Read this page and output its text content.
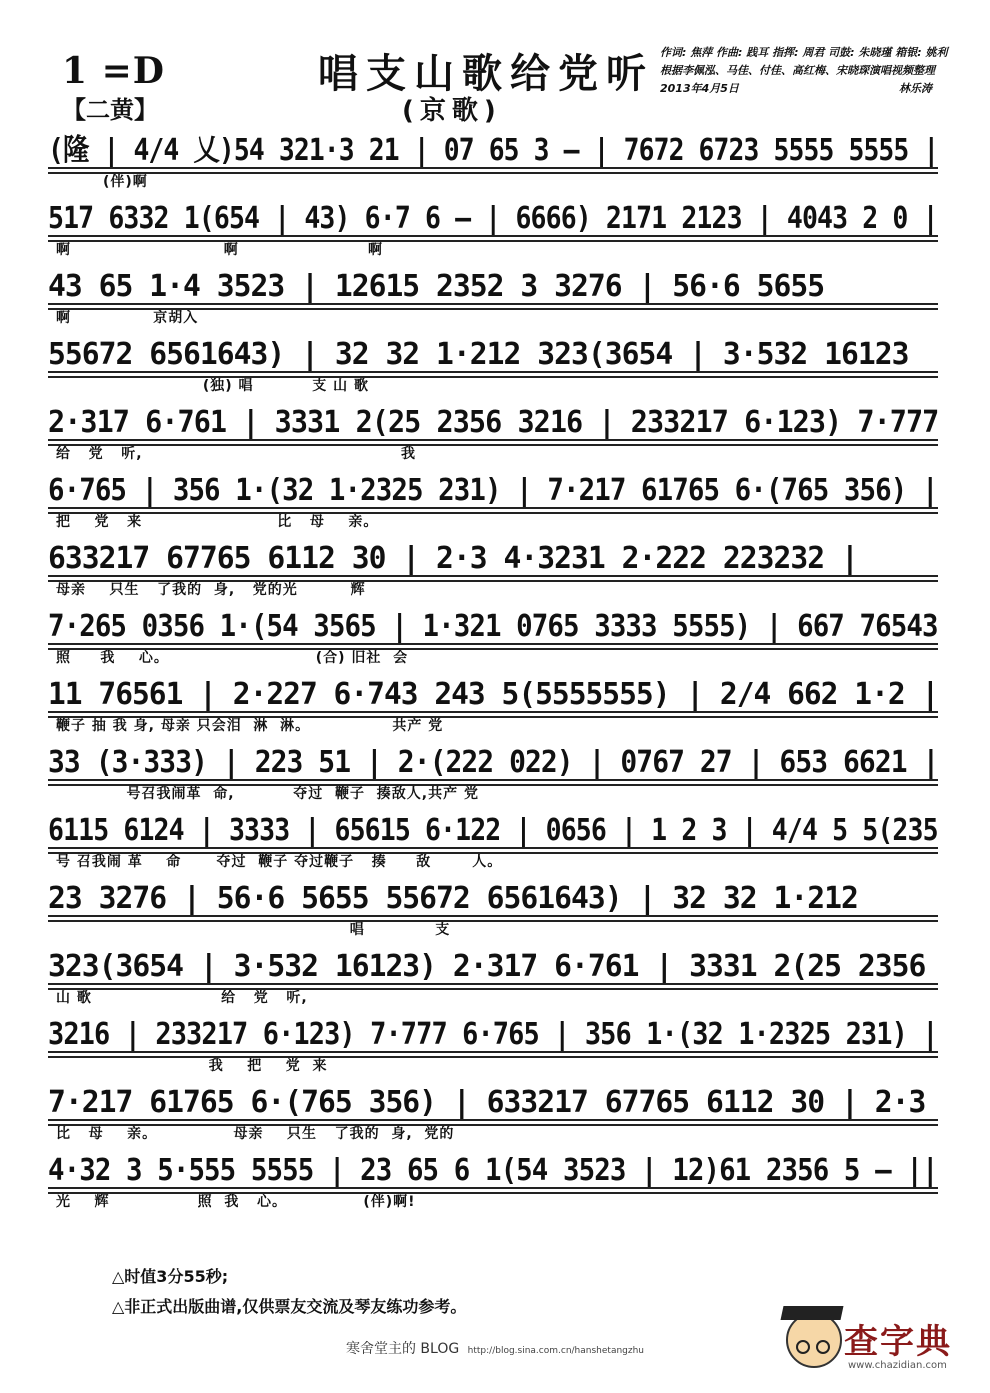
1 =D
【二黄】
唱支山歌给党听
(京歌)
作词: 焦萍 作曲: 践耳 指挥: 周君 司鼓: 朱晓瑾 箱银: 姚利
根据李佩泓、马佳、付佳、高红梅、宋晓琛演唱视频整理
2013年4月5日	林乐涛
(隆 | 4/4 乂)54 321·3 21 | 07 65 3 — | 7672 6723 5555 5555 |
(伴)啊
517 6332 1(654 | 43) 6·7 6 — | 6666) 2171 2123 | 4043 2 0 |
啊                          啊                      啊
43 65 1·4 3523 | 12615 2352 3 3276 | 56·6 5655
啊              京胡入
55672 6561643) | 32 32 1·212 323(3654 | 3·532 16123
(独) 唱          支 山 歌
2·317 6·761 | 3331 2(25 2356 3216 | 233217 6·123) 7·777
给   党   听,                                            我
6·765 | 356 1·(32 1·2325 231) | 7·217 61765 6·(765 356) |
把    党   来                       比   母    亲。
633217 67765 6112 30 | 2·3 4·3231 2·222 223232 |
母亲    只生   了我的  身,   党的光         辉
7·265 0356 1·(54 3565 | 1·321 0765 3333 5555) | 667 76543
照     我    心。                         (合) 旧社  会
11 76561 | 2·227 6·743 243 5(5555555) | 2/4 662 1·2 |
鞭子 抽 我 身, 母亲 只会泪  淋  淋。              共产 党
33 (3·333) | 223 51 | 2·(222 022) | 0767 27 | 653 6621 |
号召我闹革  命,          夺过  鞭子  揍敌人,共产 党
6115 6124 | 3333 | 65615 6·122 | 0656 | 1 2 3 | 4/4 5 5(235
号 召我闹 革    命      夺过  鞭子 夺过鞭子   揍     敌       人。
23 3276 | 56·6 5655 55672 6561643) | 32 32 1·212
唱            支
323(3654 | 3·532 16123) 2·317 6·761 | 3331 2(25 2356
山 歌                      给   党   听,
3216 | 233217 6·123) 7·777 6·765 | 356 1·(32 1·2325 231) |
我    把    党  来
7·217 61765 6·(765 356) | 633217 67765 6112 30 | 2·3
比   母    亲。             母亲    只生   了我的  身,  党的
4·32 3 5·555 5555 | 23 65 6 1(54 3523 | 12)61 2356 5 — ||
光    辉               照  我   心。             (伴)啊!
△时值3分55秒;
△非正式出版曲谱,仅供票友交流及琴友练功参考。
寒舍堂主的 BLOG http://blog.sina.com.cn/hanshetangzhu	查字典
www.chazidian.com
